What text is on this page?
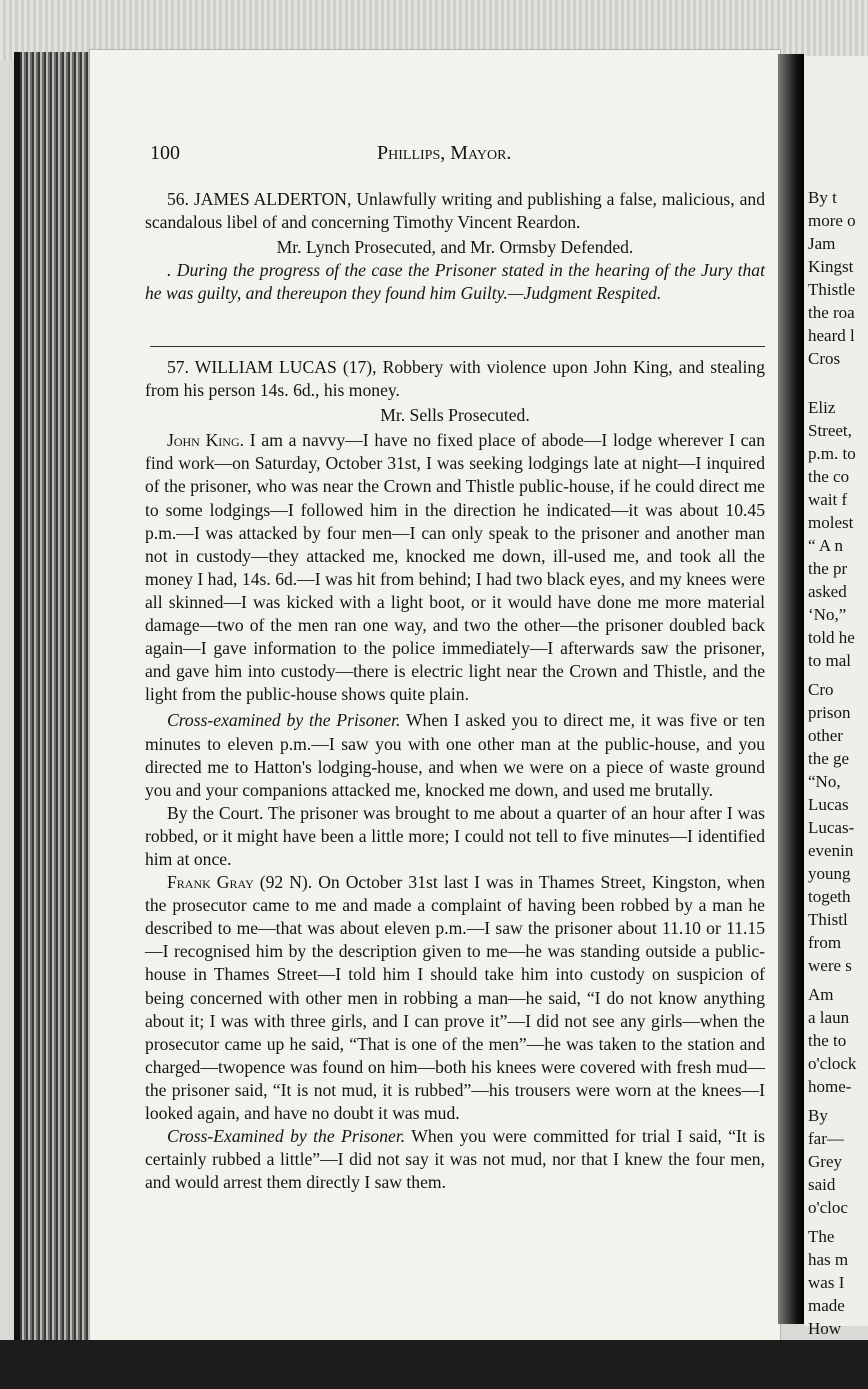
By t
more o
Jam
Kingst
Thistle
the roa
heard l
Cros
Eliz
Street,
p.m. to
the co
wait f
molest
“ A n
the pr
asked
‘No,”
told he
to mal
Cro
prison
other
the ge
“No,
Lucas
Lucas-
evenin
young
togeth
Thistl
from
were s
Am
a laun
the to
o'clock
home-
By
far—
Grey
said
o'cloc
The
has m
was I
made
How
100	Phillips, Mayor.

56. JAMES ALDERTON, Unlawfully writing and publishing a false, malicious, and scandalous libel of and concerning Timothy Vincent Reardon.

Mr. Lynch Prosecuted, and Mr. Ormsby Defended.

. During the progress of the case the Prisoner stated in the hearing of the Jury that he was guilty, and thereupon they found him Guilty.—Judgment Respited.

57. WILLIAM LUCAS (17), Robbery with violence upon John King, and stealing from his person 14s. 6d., his money.

Mr. Sells Prosecuted.

John King. I am a navvy—I have no fixed place of abode—I lodge wherever I can find work—on Saturday, October 31st, I was seeking lodgings late at night—I inquired of the prisoner, who was near the Crown and Thistle public-house, if he could direct me to some lodgings—I followed him in the direction he indicated—it was about 10.45 p.m.—I was attacked by four men—I can only speak to the prisoner and another man not in custody—they attacked me, knocked me down, ill-used me, and took all the money I had, 14s. 6d.—I was hit from behind; I had two black eyes, and my knees were all skinned—I was kicked with a light boot, or it would have done me more material damage—two of the men ran one way, and two the other—the prisoner doubled back again—I gave information to the police immediately—I afterwards saw the prisoner, and gave him into custody—there is electric light near the Crown and Thistle, and the light from the public-house shows quite plain.

Cross-examined by the Prisoner. When I asked you to direct me, it was five or ten minutes to eleven p.m.—I saw you with one other man at the public-house, and you directed me to Hatton's lodging-house, and when we were on a piece of waste ground you and your companions attacked me, knocked me down, and used me brutally.

By the Court. The prisoner was brought to me about a quarter of an hour after I was robbed, or it might have been a little more; I could not tell to five minutes—I identified him at once.

Frank Gray (92 N). On October 31st last I was in Thames Street, Kingston, when the prosecutor came to me and made a complaint of having been robbed by a man he described to me—that was about eleven p.m.—I saw the prisoner about 11.10 or 11.15—I recognised him by the description given to me—he was standing outside a public-house in Thames Street—I told him I should take him into custody on suspicion of being concerned with other men in robbing a man—he said, “I do not know anything about it; I was with three girls, and I can prove it”—I did not see any girls—when the prosecutor came up he said, “That is one of the men”—he was taken to the station and charged—twopence was found on him—both his knees were covered with fresh mud—the prisoner said, “It is not mud, it is rubbed”—his trousers were worn at the knees—I looked again, and have no doubt it was mud.

Cross-Examined by the Prisoner. When you were committed for trial I said, “It is certainly rubbed a little”—I did not say it was not mud, nor that I knew the four men, and would arrest them directly I saw them.
